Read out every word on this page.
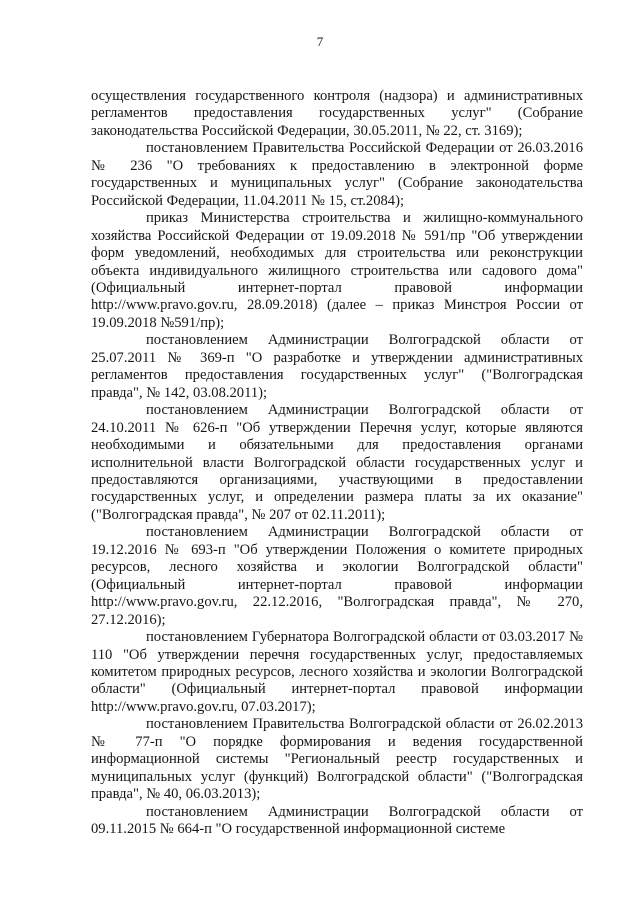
7

осуществления государственного контроля (надзора) и административных регламентов предоставления государственных услуг" (Собрание законодательства Российской Федерации, 30.05.2011, № 22, ст. 3169);

постановлением Правительства Российской Федерации от 26.03.2016 № 236 "О требованиях к предоставлению в электронной форме государственных и муниципальных услуг" (Собрание законодательства Российской Федерации, 11.04.2011 № 15, ст.2084);

приказ Министерства строительства и жилищно-коммунального хозяйства Российской Федерации от 19.09.2018 № 591/пр "Об утверждении форм уведомлений, необходимых для строительства или реконструкции объекта индивидуального жилищного строительства или садового дома" (Официальный интернет-портал правовой информации http://www.pravo.gov.ru, 28.09.2018) (далее – приказ Минстроя России от 19.09.2018 №591/пр);

постановлением Администрации Волгоградской области от 25.07.2011 № 369-п "О разработке и утверждении административных регламентов предоставления государственных услуг" ("Волгоградская правда", № 142, 03.08.2011);

постановлением Администрации Волгоградской области от 24.10.2011 № 626-п "Об утверждении Перечня услуг, которые являются необходимыми и обязательными для предоставления органами исполнительной власти Волгоградской области государственных услуг и предоставляются организациями, участвующими в предоставлении государственных услуг, и определении размера платы за их оказание" ("Волгоградская правда", № 207 от 02.11.2011);

постановлением Администрации Волгоградской области от 19.12.2016 № 693-п "Об утверждении Положения о комитете природных ресурсов, лесного хозяйства и экологии Волгоградской области" (Официальный интернет-портал правовой информации http://www.pravo.gov.ru, 22.12.2016, "Волгоградская правда", № 270, 27.12.2016);

постановлением Губернатора Волгоградской области от 03.03.2017 № 110 "Об утверждении перечня государственных услуг, предоставляемых комитетом природных ресурсов, лесного хозяйства и экологии Волгоградской области" (Официальный интернет-портал правовой информации http://www.pravo.gov.ru, 07.03.2017);

постановлением Правительства Волгоградской области от 26.02.2013 № 77-п "О порядке формирования и ведения государственной информационной системы "Региональный реестр государственных и муниципальных услуг (функций) Волгоградской области" ("Волгоградская правда", № 40, 06.03.2013);

постановлением Администрации Волгоградской области от 09.11.2015 № 664-п "О государственной информационной системе
